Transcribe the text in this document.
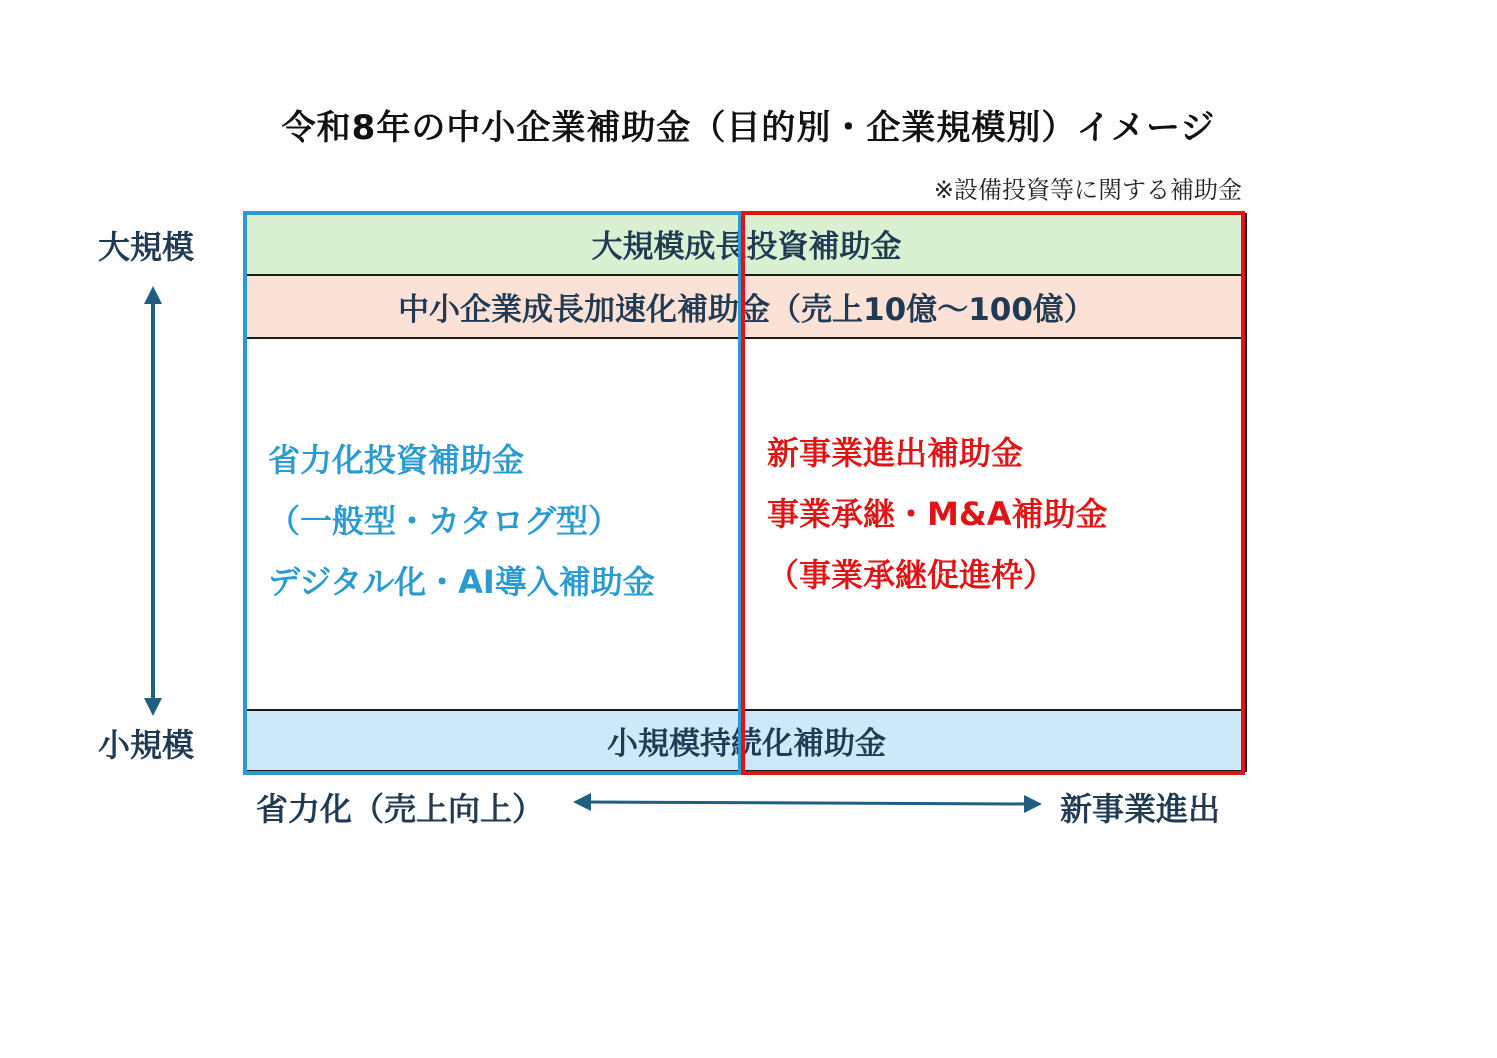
令和8年の中小企業補助金（目的別・企業規模別）イメージ
※設備投資等に関する補助金
大規模
小規模
省力化（売上向上）	新事業進出
大規模成長投資補助金
中小企業成長加速化補助金（売上10億～100億）
小規模持続化補助金
省力化投資補助金
（一般型・カタログ型）
デジタル化・AI導入補助金
新事業進出補助金
事業承継・M&A補助金
（事業承継促進枠）
